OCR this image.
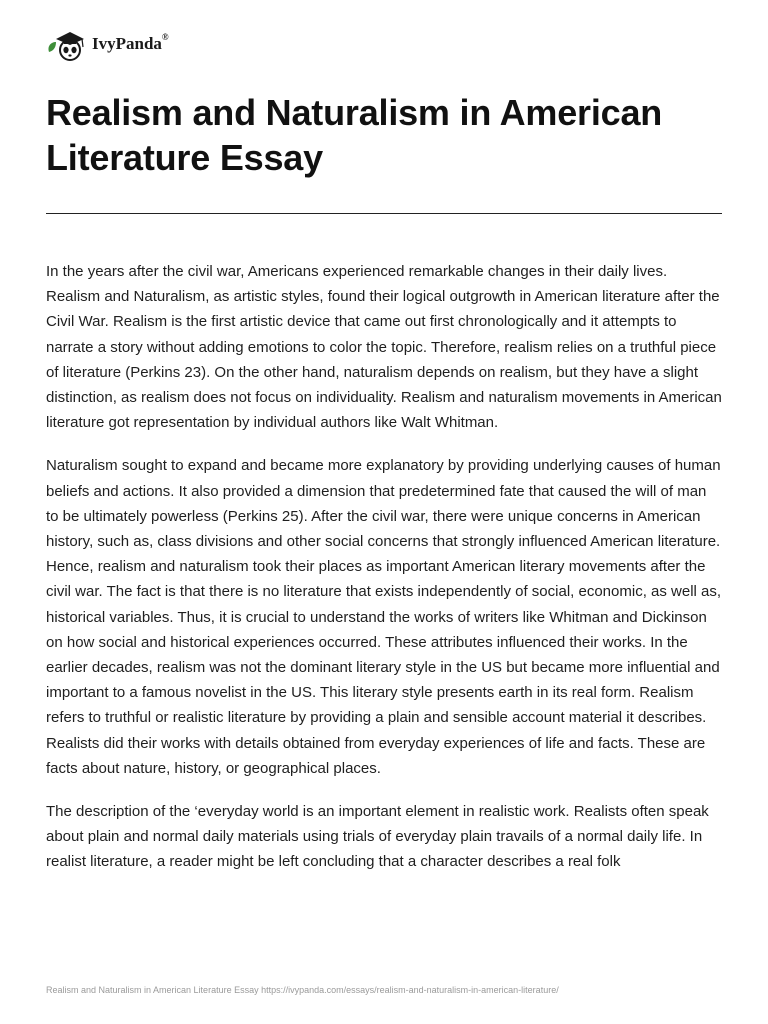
IvyPanda®
Realism and Naturalism in American Literature Essay

In the years after the civil war, Americans experienced remarkable changes in their daily lives. Realism and Naturalism, as artistic styles, found their logical outgrowth in American literature after the Civil War. Realism is the first artistic device that came out first chronologically and it attempts to narrate a story without adding emotions to color the topic. Therefore, realism relies on a truthful piece of literature (Perkins 23). On the other hand, naturalism depends on realism, but they have a slight distinction, as realism does not focus on individuality. Realism and naturalism movements in American literature got representation by individual authors like Walt Whitman.

Naturalism sought to expand and became more explanatory by providing underlying causes of human beliefs and actions. It also provided a dimension that predetermined fate that caused the will of man to be ultimately powerless (Perkins 25). After the civil war, there were unique concerns in American history, such as, class divisions and other social concerns that strongly influenced American literature. Hence, realism and naturalism took their places as important American literary movements after the civil war. The fact is that there is no literature that exists independently of social, economic, as well as, historical variables. Thus, it is crucial to understand the works of writers like Whitman and Dickinson on how social and historical experiences occurred. These attributes influenced their works. In the earlier decades, realism was not the dominant literary style in the US but became more influential and important to a famous novelist in the US. This literary style presents earth in its real form. Realism refers to truthful or realistic literature by providing a plain and sensible account material it describes. Realists did their works with details obtained from everyday experiences of life and facts. These are facts about nature, history, or geographical places.

The description of the ‘everyday world is an important element in realistic work. Realists often speak about plain and normal daily materials using trials of everyday plain travails of a normal daily life. In realist literature, a reader might be left concluding that a character describes a real folk

Realism and Naturalism in American Literature Essay https://ivypanda.com/essays/realism-and-naturalism-in-american-literature/
